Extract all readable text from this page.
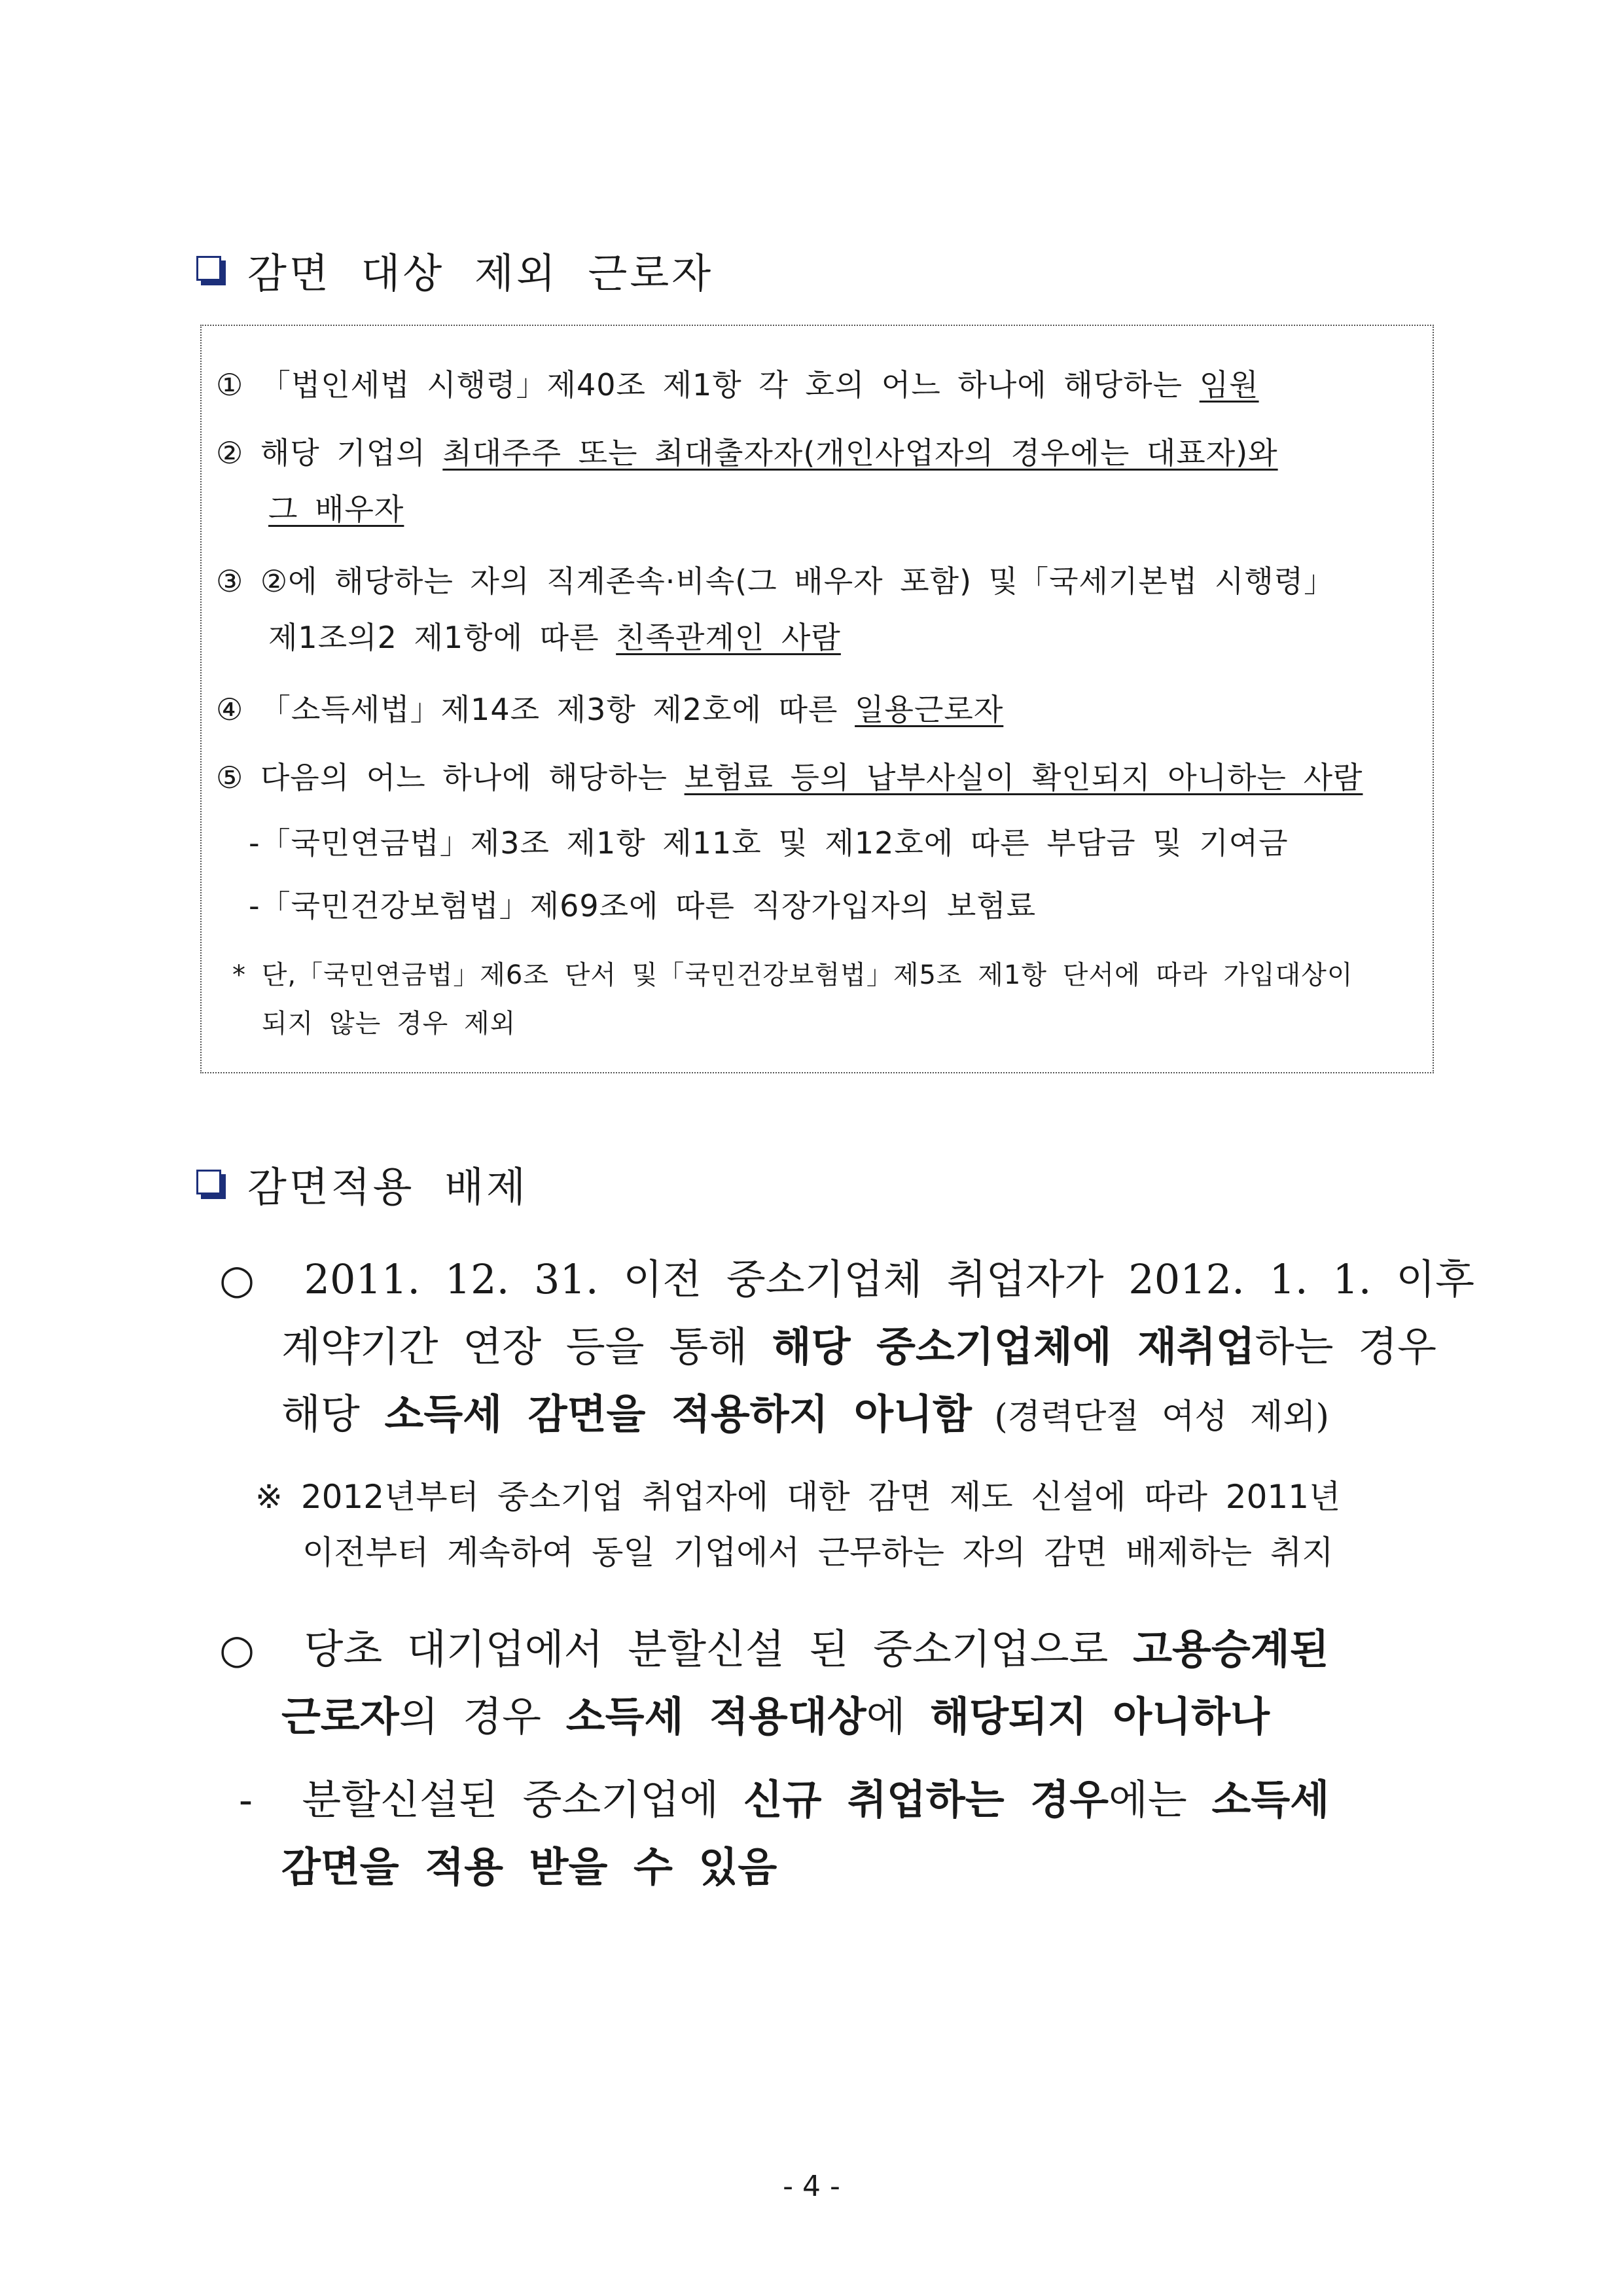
감면 대상 제외 근로자
① 「법인세법 시행령」제40조 제1항 각 호의 어느 하나에 해당하는 임원
② 해당 기업의 최대주주 또는 최대출자자(개인사업자의 경우에는 대표자)와
그 배우자
③ ②에 해당하는 자의 직계존속·비속(그 배우자 포함) 및「국세기본법 시행령」
제1조의2 제1항에 따른 친족관계인 사람
④ 「소득세법」제14조 제3항 제2호에 따른 일용근로자
⑤ 다음의 어느 하나에 해당하는 보험료 등의 납부사실이 확인되지 아니하는 사람
-「국민연금법」제3조 제1항 제11호 및 제12호에 따른 부담금 및 기여금
-「국민건강보험법」제69조에 따른 직장가입자의 보험료
* 단,「국민연금법」제6조 단서 및「국민건강보험법」제5조 제1항 단서에 따라 가입대상이
되지 않는 경우 제외
감면적용 배제
○ 2011. 12. 31. 이전 중소기업체 취업자가 2012. 1. 1. 이후
계약기간 연장 등을 통해 해당 중소기업체에 재취업하는 경우
해당 소득세 감면을 적용하지 아니함 (경력단절 여성 제외)
※ 2012년부터 중소기업 취업자에 대한 감면 제도 신설에 따라 2011년
이전부터 계속하여 동일 기업에서 근무하는 자의 감면 배제하는 취지
○ 당초 대기업에서 분할신설 된 중소기업으로 고용승계된
근로자의 경우 소득세 적용대상에 해당되지 아니하나
- 분할신설된 중소기업에 신규 취업하는 경우에는 소득세
감면을 적용 받을 수 있음
- 4 -
